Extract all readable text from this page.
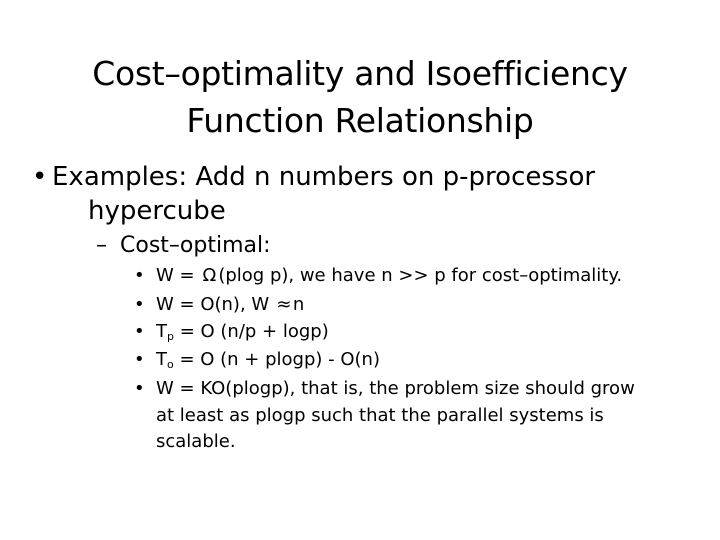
Cost–optimality and Isoefficiency
Function Relationship
• Examples: Add n numbers on p-processor
hypercube
– Cost–optimal:
• W = Ω (plog p), we have n >> p for cost–optimality.
• W = O(n), W ≈n
• $T_p = O$ (n/p + logp)
• $T_o = O$ (n + plogp) - O(n)
• W = KO(plogp), that is, the problem size should grow
at least as plogp such that the parallel systems is
scalable.
